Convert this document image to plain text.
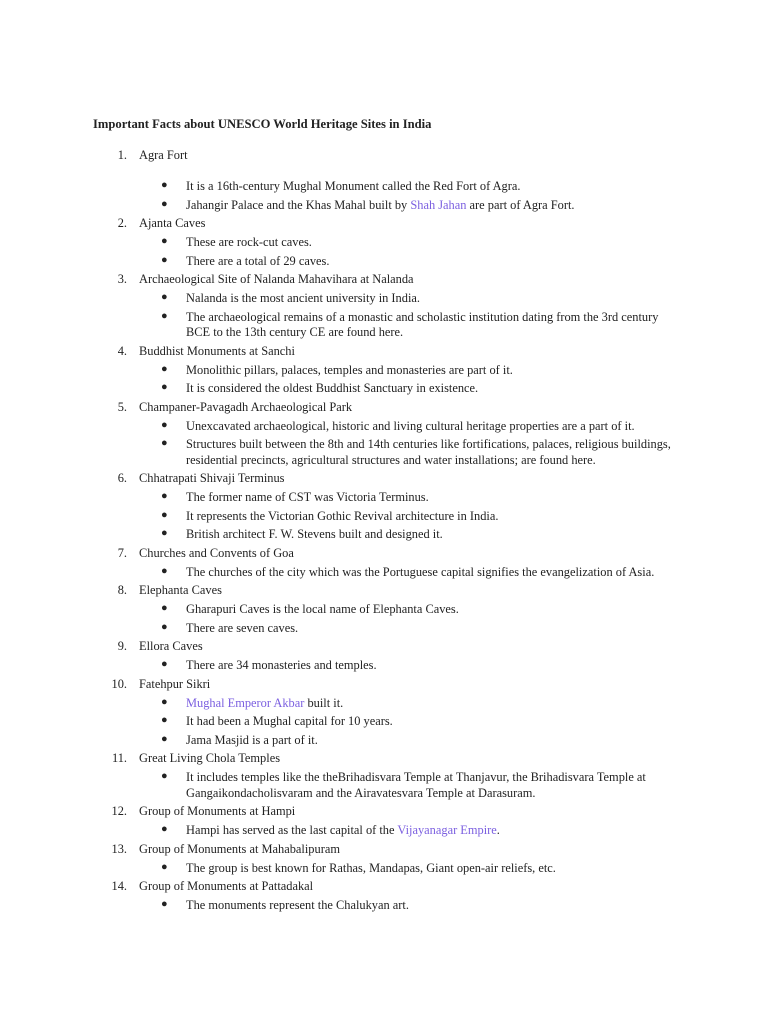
Important Facts about UNESCO World Heritage Sites in India
1. Agra Fort
● It is a 16th-century Mughal Monument called the Red Fort of Agra.
● Jahangir Palace and the Khas Mahal built by Shah Jahan are part of Agra Fort.
2. Ajanta Caves
● These are rock-cut caves.
● There are a total of 29 caves.
3. Archaeological Site of Nalanda Mahavihara at Nalanda
● Nalanda is the most ancient university in India.
● The archaeological remains of a monastic and scholastic institution dating from the 3rd century BCE to the 13th century CE are found here.
4. Buddhist Monuments at Sanchi
● Monolithic pillars, palaces, temples and monasteries are part of it.
● It is considered the oldest Buddhist Sanctuary in existence.
5. Champaner-Pavagadh Archaeological Park
● Unexcavated archaeological, historic and living cultural heritage properties are a part of it.
● Structures built between the 8th and 14th centuries like fortifications, palaces, religious buildings, residential precincts, agricultural structures and water installations; are found here.
6. Chhatrapati Shivaji Terminus
● The former name of CST was Victoria Terminus.
● It represents the Victorian Gothic Revival architecture in India.
● British architect F. W. Stevens built and designed it.
7. Churches and Convents of Goa
● The churches of the city which was the Portuguese capital signifies the evangelization of Asia.
8. Elephanta Caves
● Gharapuri Caves is the local name of Elephanta Caves.
● There are seven caves.
9. Ellora Caves
● There are 34 monasteries and temples.
10. Fatehpur Sikri
● Mughal Emperor Akbar built it.
● It had been a Mughal capital for 10 years.
● Jama Masjid is a part of it.
11. Great Living Chola Temples
● It includes temples like the theBrihadisvara Temple at Thanjavur, the Brihadisvara Temple at Gangaikondacholisvaram and the Airavatesvara Temple at Darasuram.
12. Group of Monuments at Hampi
● Hampi has served as the last capital of the Vijayanagar Empire.
13. Group of Monuments at Mahabalipuram
● The group is best known for Rathas, Mandapas, Giant open-air reliefs, etc.
14. Group of Monuments at Pattadakal
● The monuments represent the Chalukyan art.
